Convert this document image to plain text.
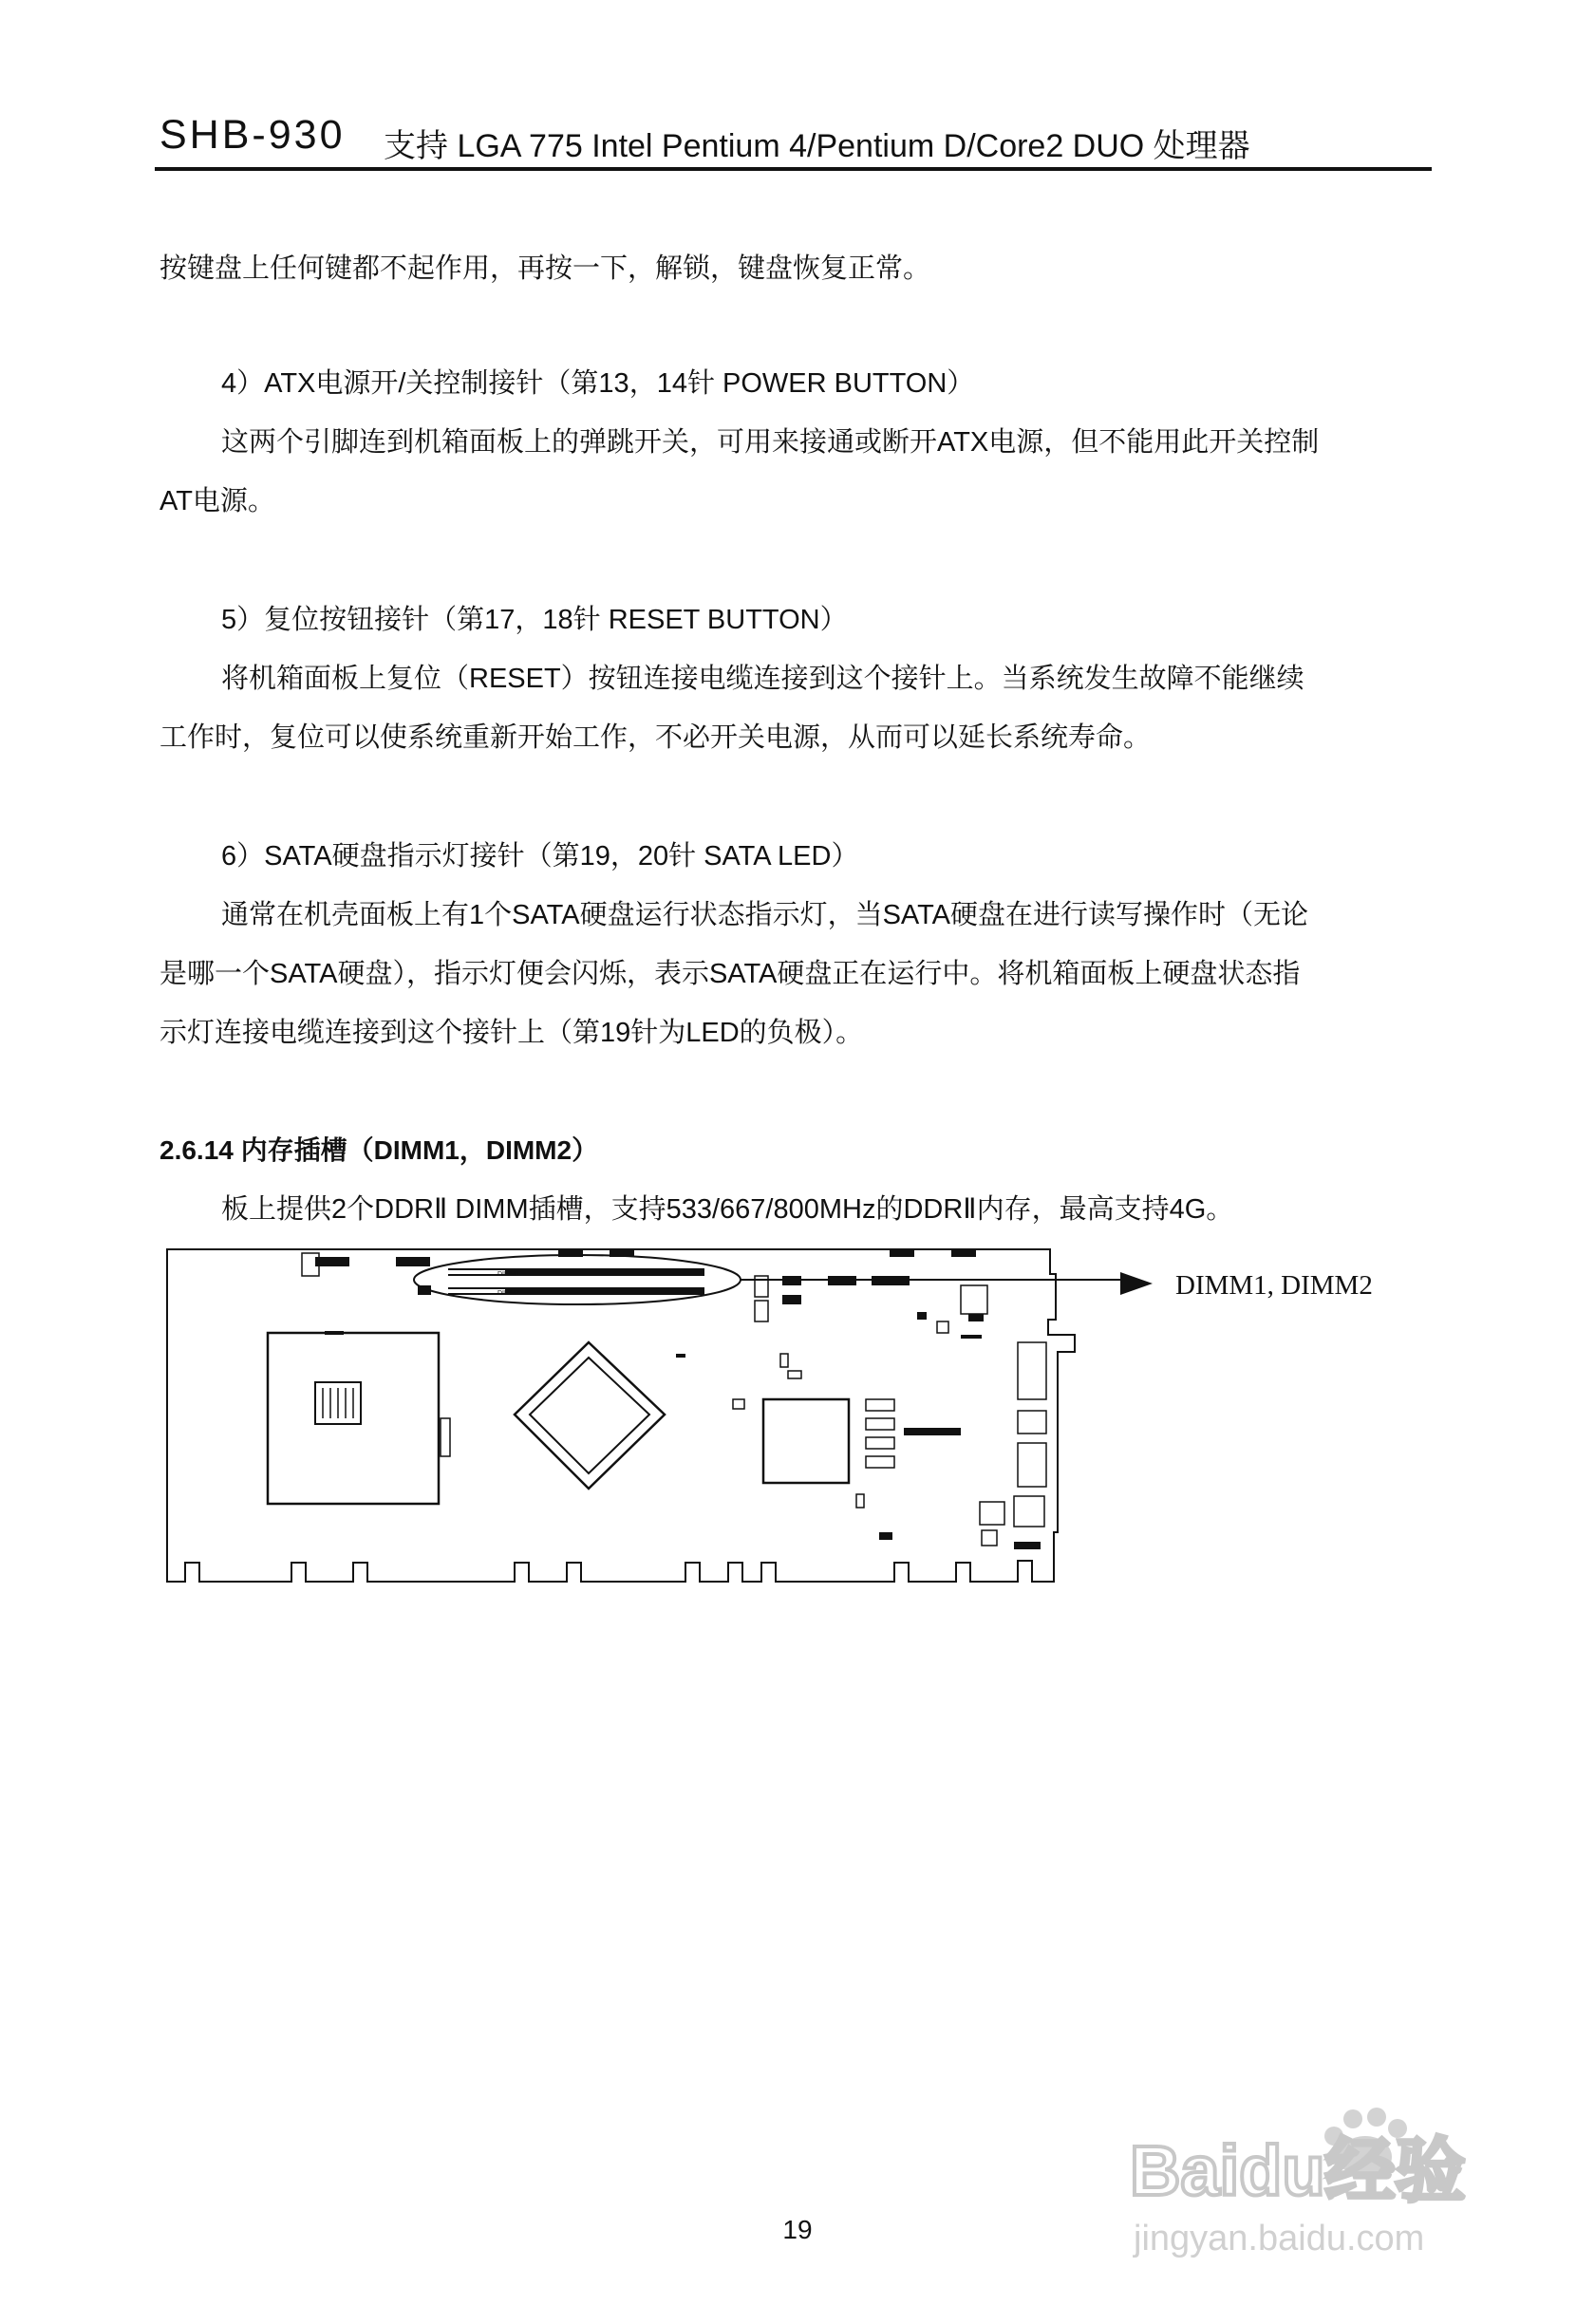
SHB-930 支持 LGA 775 Intel Pentium 4/Pentium D/Core2 DUO 处理器
按键盘上任何键都不起作用，再按一下，解锁，键盘恢复正常。
4）ATX电源开/关控制接针（第13，14针 POWER BUTTON）
这两个引脚连到机箱面板上的弹跳开关，可用来接通或断开ATX电源，但不能用此开关控制
AT电源。
5）复位按钮接针（第17，18针 RESET BUTTON）
将机箱面板上复位（RESET）按钮连接电缆连接到这个接针上。当系统发生故障不能继续
工作时，复位可以使系统重新开始工作，不必开关电源，从而可以延长系统寿命。
6）SATA硬盘指示灯接针（第19，20针 SATA LED）
通常在机壳面板上有1个SATA硬盘运行状态指示灯，当SATA硬盘在进行读写操作时（无论
是哪一个SATA硬盘），指示灯便会闪烁，表示SATA硬盘正在运行中。将机箱面板上硬盘状态指
示灯连接电缆连接到这个接针上（第19针为LED的负极）。
2.6.14 内存插槽（DIMM1，DIMM2）
板上提供2个DDRⅡ DIMM插槽，支持533/667/800MHz的DDRⅡ内存，最高支持4G。
DIMM1
DIMM2	DIMM1, DIMM2
Baidu经验
jingyan.baidu.com
19
